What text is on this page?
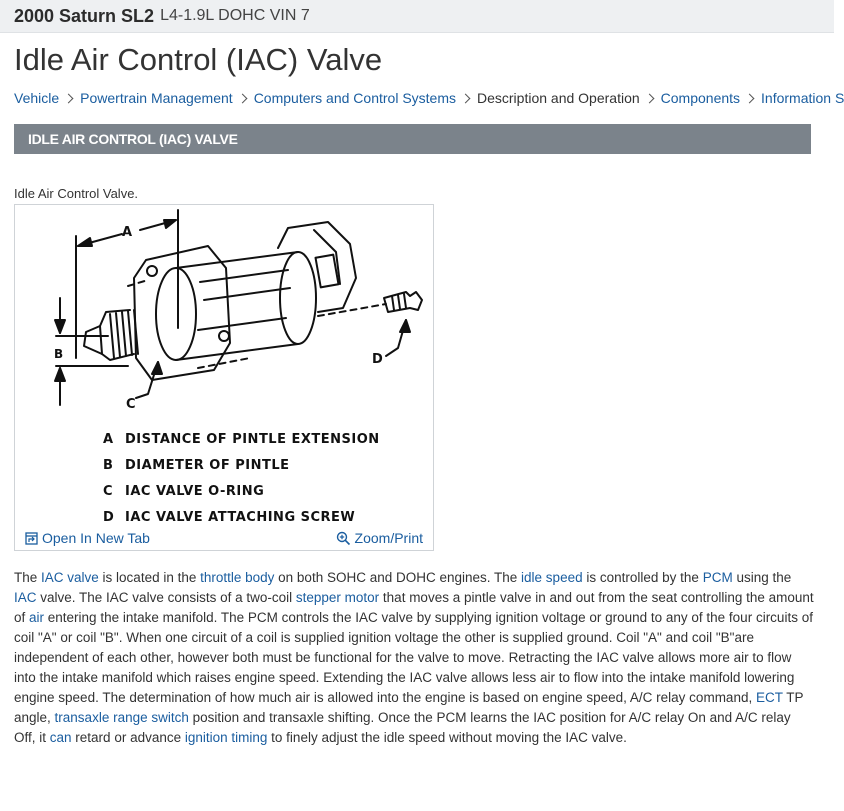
2000 Saturn SL2 L4-1.9L DOHC VIN 7
Idle Air Control (IAC) Valve
Vehicle Powertrain Management Computers and Control Systems Description and Operation Components Information S
IDLE AIR CONTROL (IAC) VALVE
Idle Air Control Valve.
A
B
C
D
A DISTANCE OF PINTLE EXTENSION
B DIAMETER OF PINTLE
C IAC VALVE O-RING
D IAC VALVE ATTACHING SCREW
Open In New Tab	Zoom/Print

The IAC valve is located in the throttle body on both SOHC and DOHC engines. The idle speed is controlled by the PCM using the IAC valve. The IAC valve consists of a two-coil stepper motor that moves a pintle valve in and out from the seat controlling the amount of air entering the intake manifold. The PCM controls the IAC valve by supplying ignition voltage or ground to any of the four circuits of coil "A" or coil "B". When one circuit of a coil is supplied ignition voltage the other is supplied ground. Coil "A" and coil "B"are independent of each other, however both must be functional for the valve to move. Retracting the IAC valve allows more air to flow into the intake manifold which raises engine speed. Extending the IAC valve allows less air to flow into the intake manifold lowering engine speed. The determination of how much air is allowed into the engine is based on engine speed, A/C relay command, ECT TP angle, transaxle range switch position and transaxle shifting. Once the PCM learns the IAC position for A/C relay On and A/C relay Off, it can retard or advance ignition timing to finely adjust the idle speed without moving the IAC valve.
